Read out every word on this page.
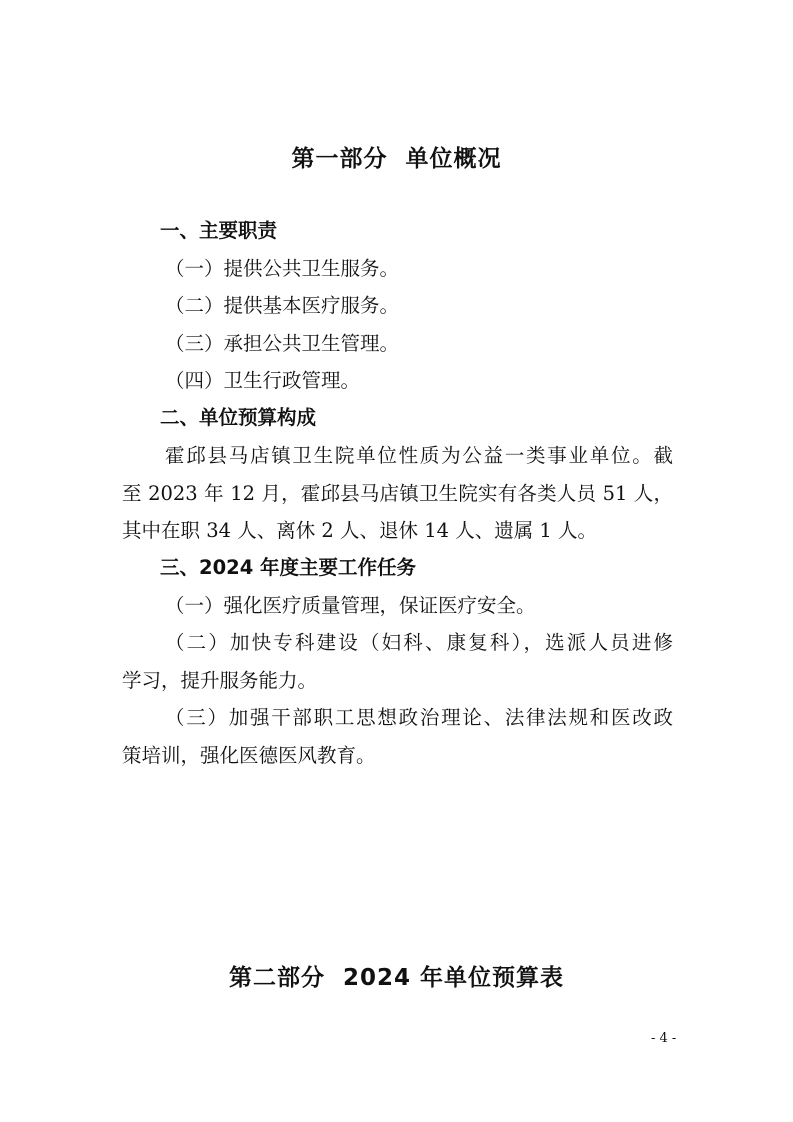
第一部分  单位概况
一、主要职责
（一）提供公共卫生服务。
（二）提供基本医疗服务。
（三）承担公共卫生管理。
（四）卫生行政管理。
二、单位预算构成
霍邱县马店镇卫生院单位性质为公益一类事业单位。截
至 2023 年 12 月，霍邱县马店镇卫生院实有各类人员 51 人，
其中在职 34 人、离休 2 人、退休 14 人、遗属 1 人。
三、2024 年度主要工作任务
（一）强化医疗质量管理，保证医疗安全。
（二）加快专科建设（妇科、康复科），选派人员进修
学习，提升服务能力。
（三）加强干部职工思想政治理论、法律法规和医改政
策培训，强化医德医风教育。
第二部分  2024 年单位预算表
- 4 -
